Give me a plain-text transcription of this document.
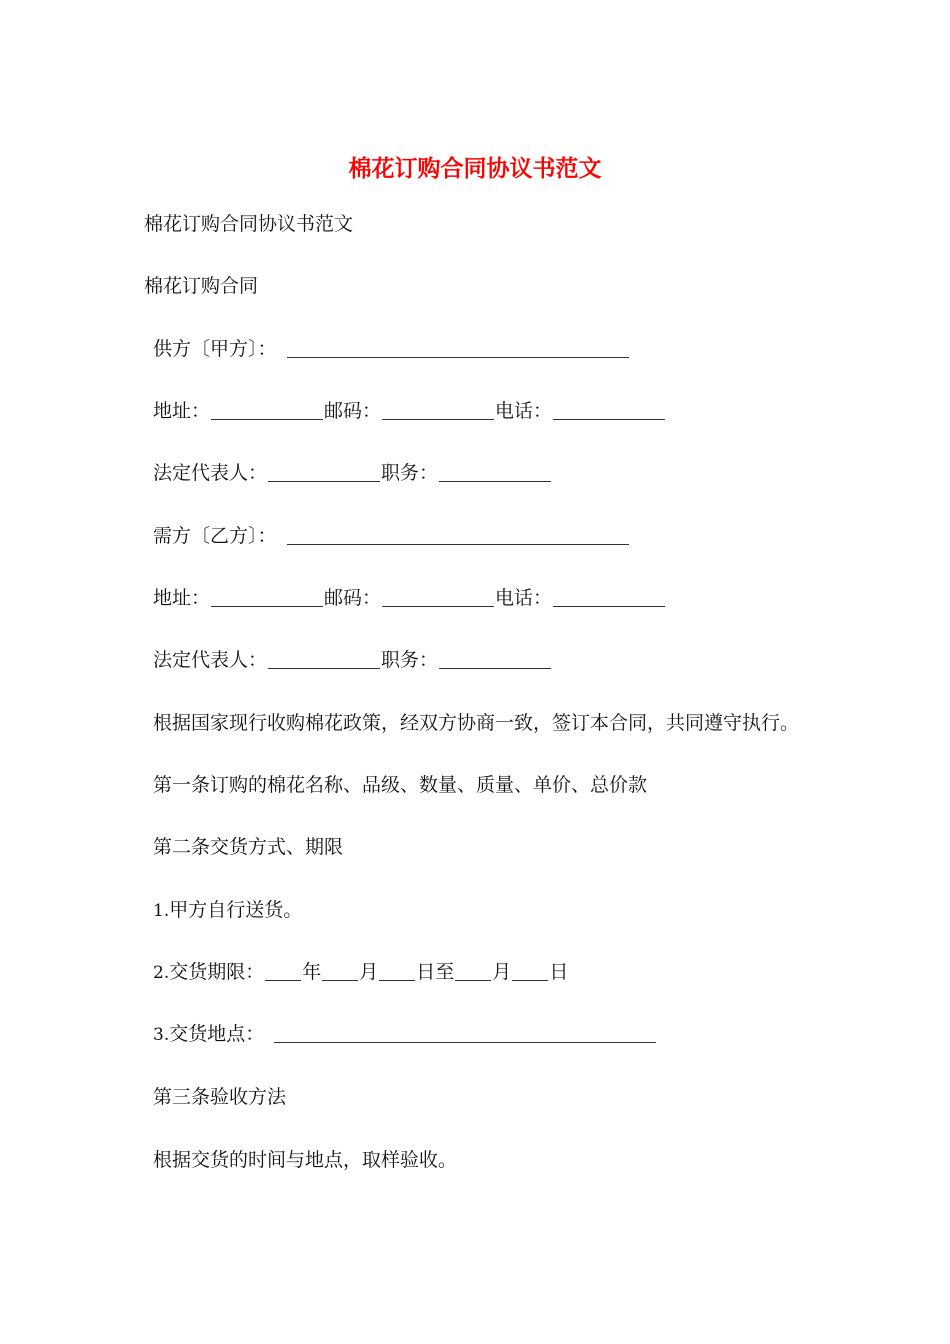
棉花订购合同协议书范文
棉花订购合同协议书范文
棉花订购合同
供方〔甲方〕：
地址：	邮码：	电话：
法定代表人：	职务：
需方〔乙方〕：
地址：	邮码：	电话：
法定代表人：	职务：
根据国家现行收购棉花政策，经双方协商一致，签订本合同，共同遵守执行。
第一条订购的棉花名称、品级、数量、质量、单价、总价款
第二条交货方式、期限
1.甲方自行送货。
2.交货期限： 年 月 日至 月 日
3.交货地点：
第三条验收方法
根据交货的时间与地点，取样验收。
